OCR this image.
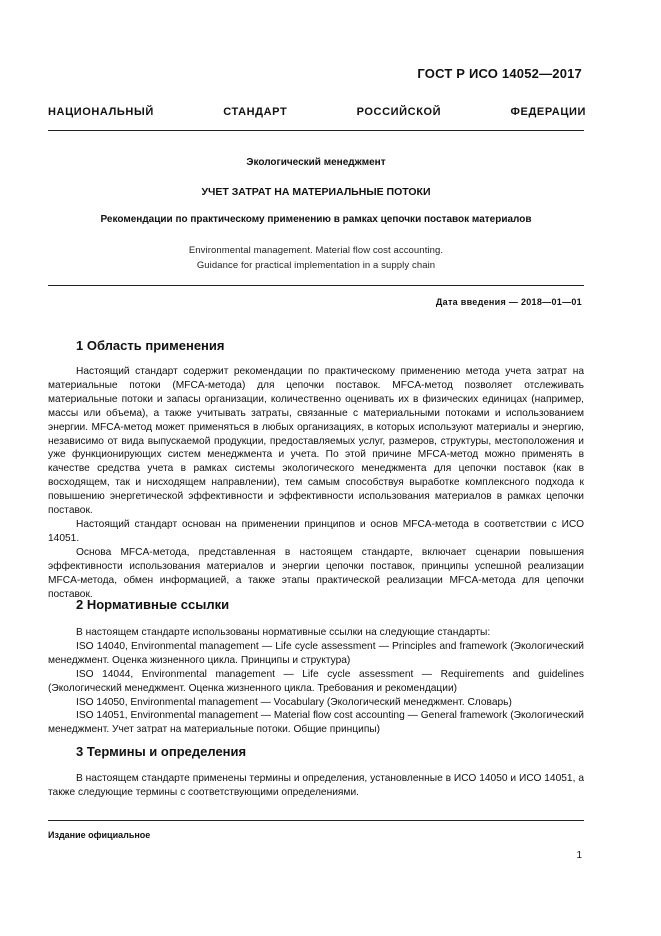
ГОСТ Р ИСО 14052—2017
НАЦИОНАЛЬНЫЙ СТАНДАРТ РОССИЙСКОЙ ФЕДЕРАЦИИ
Экологический менеджмент
УЧЕТ ЗАТРАТ НА МАТЕРИАЛЬНЫЕ ПОТОКИ
Рекомендации по практическому применению в рамках цепочки поставок материалов
Environmental management. Material flow cost accounting.
Guidance for practical implementation in a supply chain
Дата введения — 2018—01—01
1 Область применения

Настоящий стандарт содержит рекомендации по практическому применению метода учета затрат на материальные потоки (MFCA-метода) для цепочки поставок. MFCA-метод позволяет отслеживать материальные потоки и запасы организации, количественно оценивать их в физических единицах (например, массы или объема), а также учитывать затраты, связанные с материальными потоками и использованием энергии. MFCA-метод может применяться в любых организациях, в которых используют материалы и энергию, независимо от вида выпускаемой продукции, предоставляемых услуг, размеров, структуры, местоположения и уже функционирующих систем менеджмента и учета. По этой причине MFCA-метод можно применять в качестве средства учета в рамках системы экологического менеджмента для цепочки поставок (как в восходящем, так и нисходящем направлении), тем самым способствуя выработке комплексного подхода к повышению энергетической эффективности и эффективности использования материалов в рамках цепочки поставок.

Настоящий стандарт основан на применении принципов и основ MFCA-метода в соответствии с ИСО 14051.

Основа MFCA-метода, представленная в настоящем стандарте, включает сценарии повышения эффективности использования материалов и энергии цепочки поставок, принципы успешной реализации MFCA-метода, обмен информацией, а также этапы практической реализации MFCA-метода для цепочки поставок.

2 Нормативные ссылки

В настоящем стандарте использованы нормативные ссылки на следующие стандарты:

ISO 14040, Environmental management — Life cycle assessment — Principles and framework (Экологический менеджмент. Оценка жизненного цикла. Принципы и структура)

ISO 14044, Environmental management — Life cycle assessment — Requirements and guidelines (Экологический менеджмент. Оценка жизненного цикла. Требования и рекомендации)

ISO 14050, Environmental management — Vocabulary (Экологический менеджмент. Словарь)

ISO 14051, Environmental management — Material flow cost accounting — General framework (Экологический менеджмент. Учет затрат на материальные потоки. Общие принципы)

3 Термины и определения

В настоящем стандарте применены термины и определения, установленные в ИСО 14050 и ИСО 14051, а также следующие термины с соответствующими определениями.

Издание официальное
1
